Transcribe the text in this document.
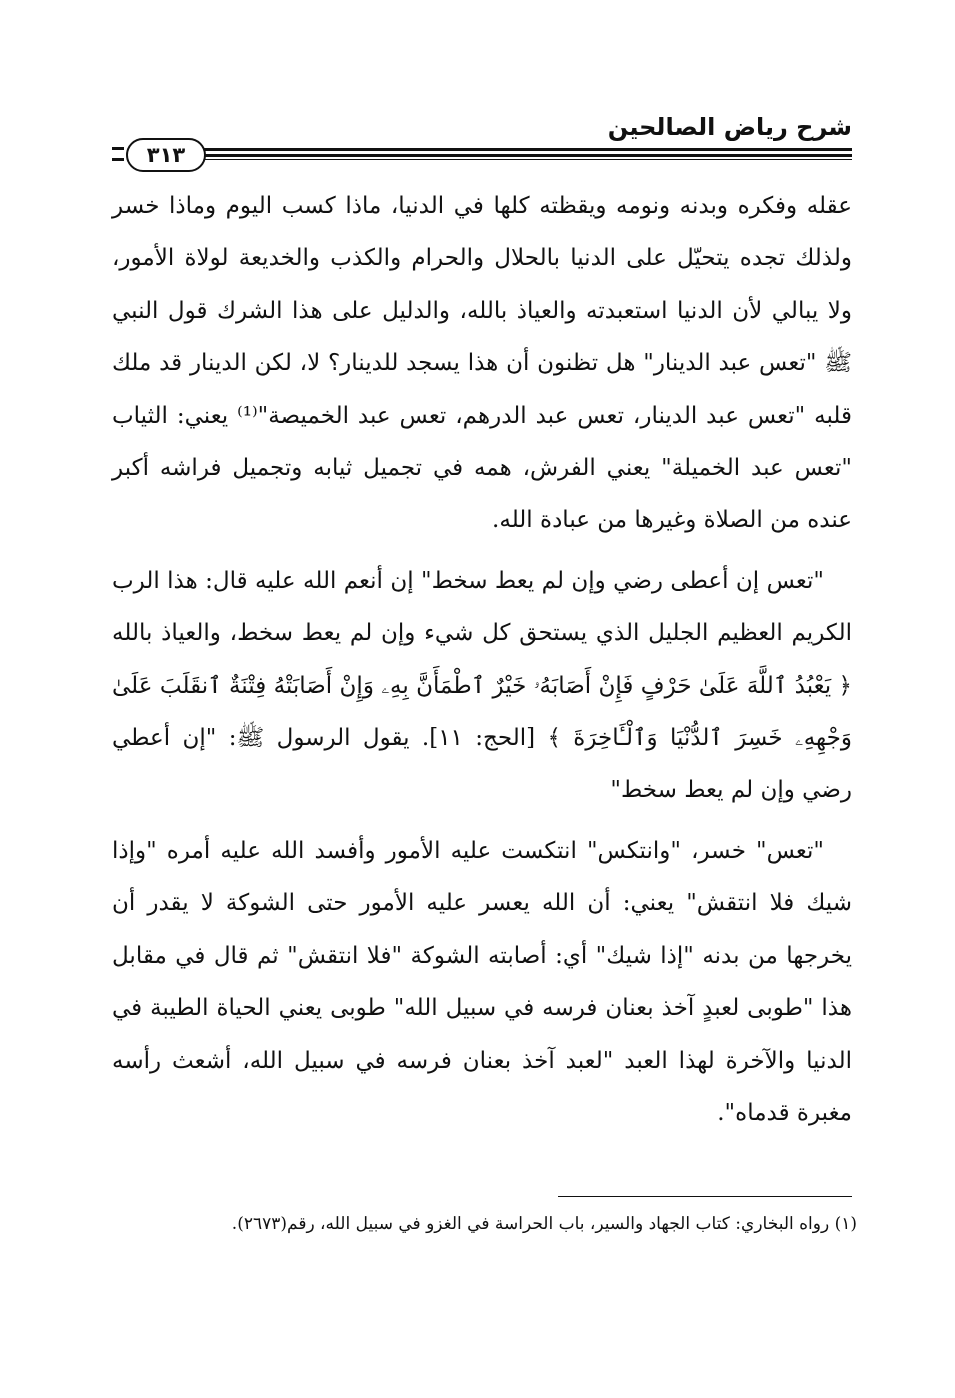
شرح رياض الصالحين
٣١٣

عقله وفكره وبدنه ونومه ويقظته كلها في الدنيا، ماذا كسب اليوم وماذا خسر ولذلك تجده يتحيّل على الدنيا بالحلال والحرام والكذب والخديعة لولاة الأمور، ولا يبالي لأن الدنيا استعبدته والعياذ بالله، والدليل على هذا الشرك قول النبي ﷺ "تعس عبد الدينار" هل تظنون أن هذا يسجد للدينار؟ لا، لكن الدينار قد ملك قلبه "تعس عبد الدينار، تعس عبد الدرهم، تعس عبد الخميصة"⁽¹⁾ يعني: الثياب "تعس عبد الخميلة" يعني الفرش، همه في تجميل ثيابه وتجميل فراشه أكبر عنده من الصلاة وغيرها من عبادة الله.

"تعس إن أعطى رضي وإن لم يعط سخط" إن أنعم الله عليه قال: هذا الرب الكريم العظيم الجليل الذي يستحق كل شيء وإن لم يعط سخط، والعياذ بالله ﴿ يَعْبُدُ ٱللَّهَ عَلَىٰ حَرْفٍ فَإِنْ أَصَابَهُۥ خَيْرٌ ٱطْمَأَنَّ بِهِۦ وَإِنْ أَصَابَتْهُ فِتْنَةٌ ٱنقَلَبَ عَلَىٰ وَجْهِهِۦ خَسِرَ ٱلدُّنْيَا وَٱلْـَٔاخِرَةَ ﴾ [الحج: ١١]. يقول الرسول ﷺ: "إن أعطي رضي وإن لم يعط سخط"

"تعس" خسر، "وانتكس" انتكست عليه الأمور وأفسد الله عليه أمره "وإذا شيك فلا انتقش" يعني: أن الله يعسر عليه الأمور حتى الشوكة لا يقدر أن يخرجها من بدنه "إذا شيك" أي: أصابته الشوكة "فلا انتقش" ثم قال في مقابل هذا "طوبى لعبدٍ آخذ بعنان فرسه في سبيل الله" طوبى يعني الحياة الطيبة في الدنيا والآخرة لهذا العبد "لعبد آخذ بعنان فرسه في سبيل الله، أشعث رأسه مغبرة قدماه".

(١) رواه البخاري: كتاب الجهاد والسير، باب الحراسة في الغزو في سبيل الله، رقم(٢٦٧٣).
